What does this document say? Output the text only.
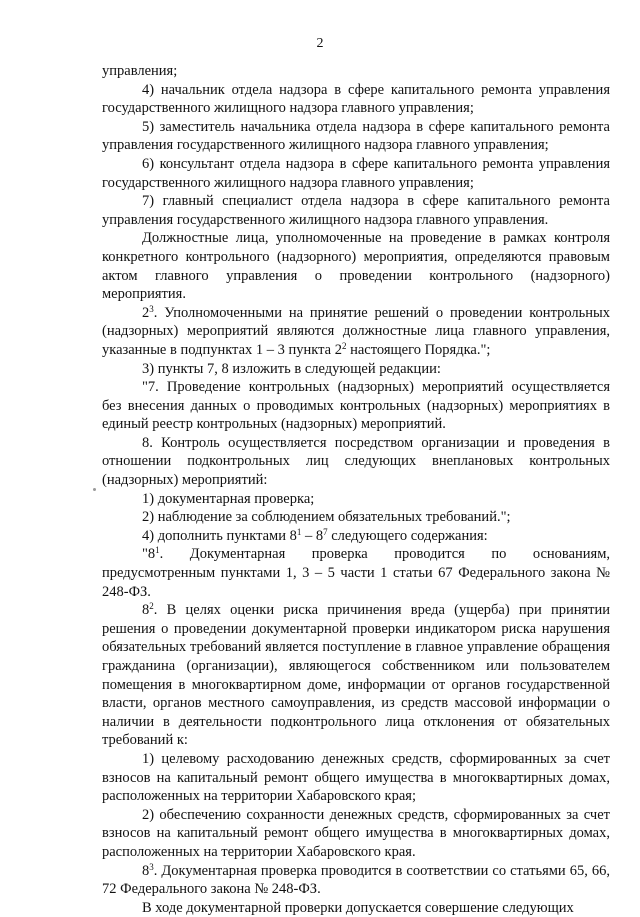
2

управления;

4) начальник отдела надзора в сфере капитального ремонта управления государственного жилищного надзора главного управления;

5) заместитель начальника отдела надзора в сфере капитального ремонта управления государственного жилищного надзора главного управления;

6) консультант отдела надзора в сфере капитального ремонта управления государственного жилищного надзора главного управления;

7) главный специалист отдела надзора в сфере капитального ремонта управления государственного жилищного надзора главного управления.

Должностные лица, уполномоченные на проведение в рамках контроля конкретного контрольного (надзорного) мероприятия, определяются правовым актом главного управления о проведении контрольного (надзорного) мероприятия.

$2^3$. Уполномоченными на принятие решений о проведении контрольных (надзорных) мероприятий являются должностные лица главного управления, указанные в подпунктах 1 – 3 пункта $2^2$ настоящего Порядка.";

3) пункты 7, 8 изложить в следующей редакции:

"7. Проведение контрольных (надзорных) мероприятий осуществляется без внесения данных о проводимых контрольных (надзорных) мероприятиях в единый реестр контрольных (надзорных) мероприятий.

8. Контроль осуществляется посредством организации и проведения в отношении подконтрольных лиц следующих внеплановых контрольных (надзорных) мероприятий:

1) документарная проверка;

2) наблюдение за соблюдением обязательных требований.";

4) дополнить пунктами $8^1 - 8^7$ следующего содержания:

"$8^1$. Документарная проверка проводится по основаниям, предусмотренным пунктами 1, 3 – 5 части 1 статьи 67 Федерального закона № 248-ФЗ.

$8^2$. В целях оценки риска причинения вреда (ущерба) при принятии решения о проведении документарной проверки индикатором риска нарушения обязательных требований является поступление в главное управление обращения гражданина (организации), являющегося собственником или пользователем помещения в многоквартирном доме, информации от органов государственной власти, органов местного самоуправления, из средств массовой информации о наличии в деятельности подконтрольного лица отклонения от обязательных требований к:

1) целевому расходованию денежных средств, сформированных за счет взносов на капитальный ремонт общего имущества в многоквартирных домах, расположенных на территории Хабаровского края;

2) обеспечению сохранности денежных средств, сформированных за счет взносов на капитальный ремонт общего имущества в многоквартирных домах, расположенных на территории Хабаровского края.

$8^3$. Документарная проверка проводится в соответствии со статьями 65, 66, 72 Федерального закона № 248-ФЗ.

В ходе документарной проверки допускается совершение следующих
